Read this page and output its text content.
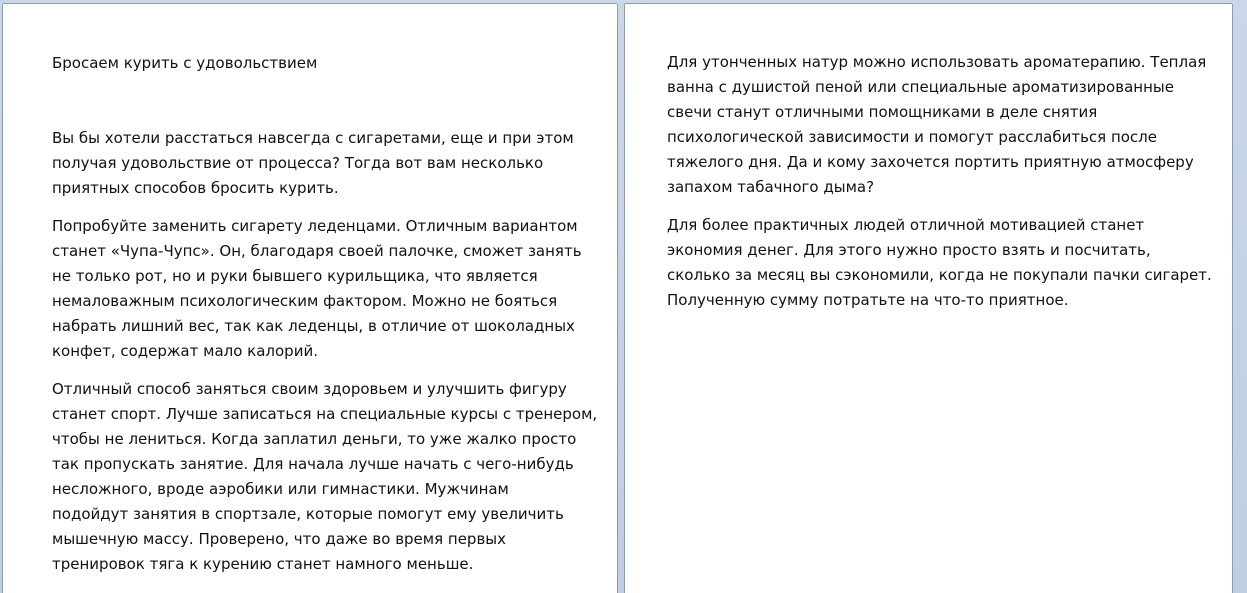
Бросаем курить с удовольствием
Вы бы хотели расстаться навсегда с сигаретами, еще и при этом
получая удовольствие от процесса? Тогда вот вам несколько
приятных способов бросить курить.
Попробуйте заменить сигарету леденцами. Отличным вариантом
станет «Чупа-Чупс». Он, благодаря своей палочке, сможет занять
не только рот, но и руки бывшего курильщика, что является
немаловажным психологическим фактором. Можно не бояться
набрать лишний вес, так как леденцы, в отличие от шоколадных
конфет, содержат мало калорий.
Отличный способ заняться своим здоровьем и улучшить фигуру
станет спорт. Лучше записаться на специальные курсы с тренером,
чтобы не лениться. Когда заплатил деньги, то уже жалко просто
так пропускать занятие. Для начала лучше начать с чего-нибудь
несложного, вроде аэробики или гимнастики. Мужчинам
подойдут занятия в спортзале, которые помогут ему увеличить
мышечную массу. Проверено, что даже во время первых
тренировок тяга к курению станет намного меньше.
Для утонченных натур можно использовать ароматерапию. Теплая
ванна с душистой пеной или специальные ароматизированные
свечи станут отличными помощниками в деле снятия
психологической зависимости и помогут расслабиться после
тяжелого дня. Да и кому захочется портить приятную атмосферу
запахом табачного дыма?
Для более практичных людей отличной мотивацией станет
экономия денег. Для этого нужно просто взять и посчитать,
сколько за месяц вы сэкономили, когда не покупали пачки сигарет.
Полученную сумму потратьте на что-то приятное.
